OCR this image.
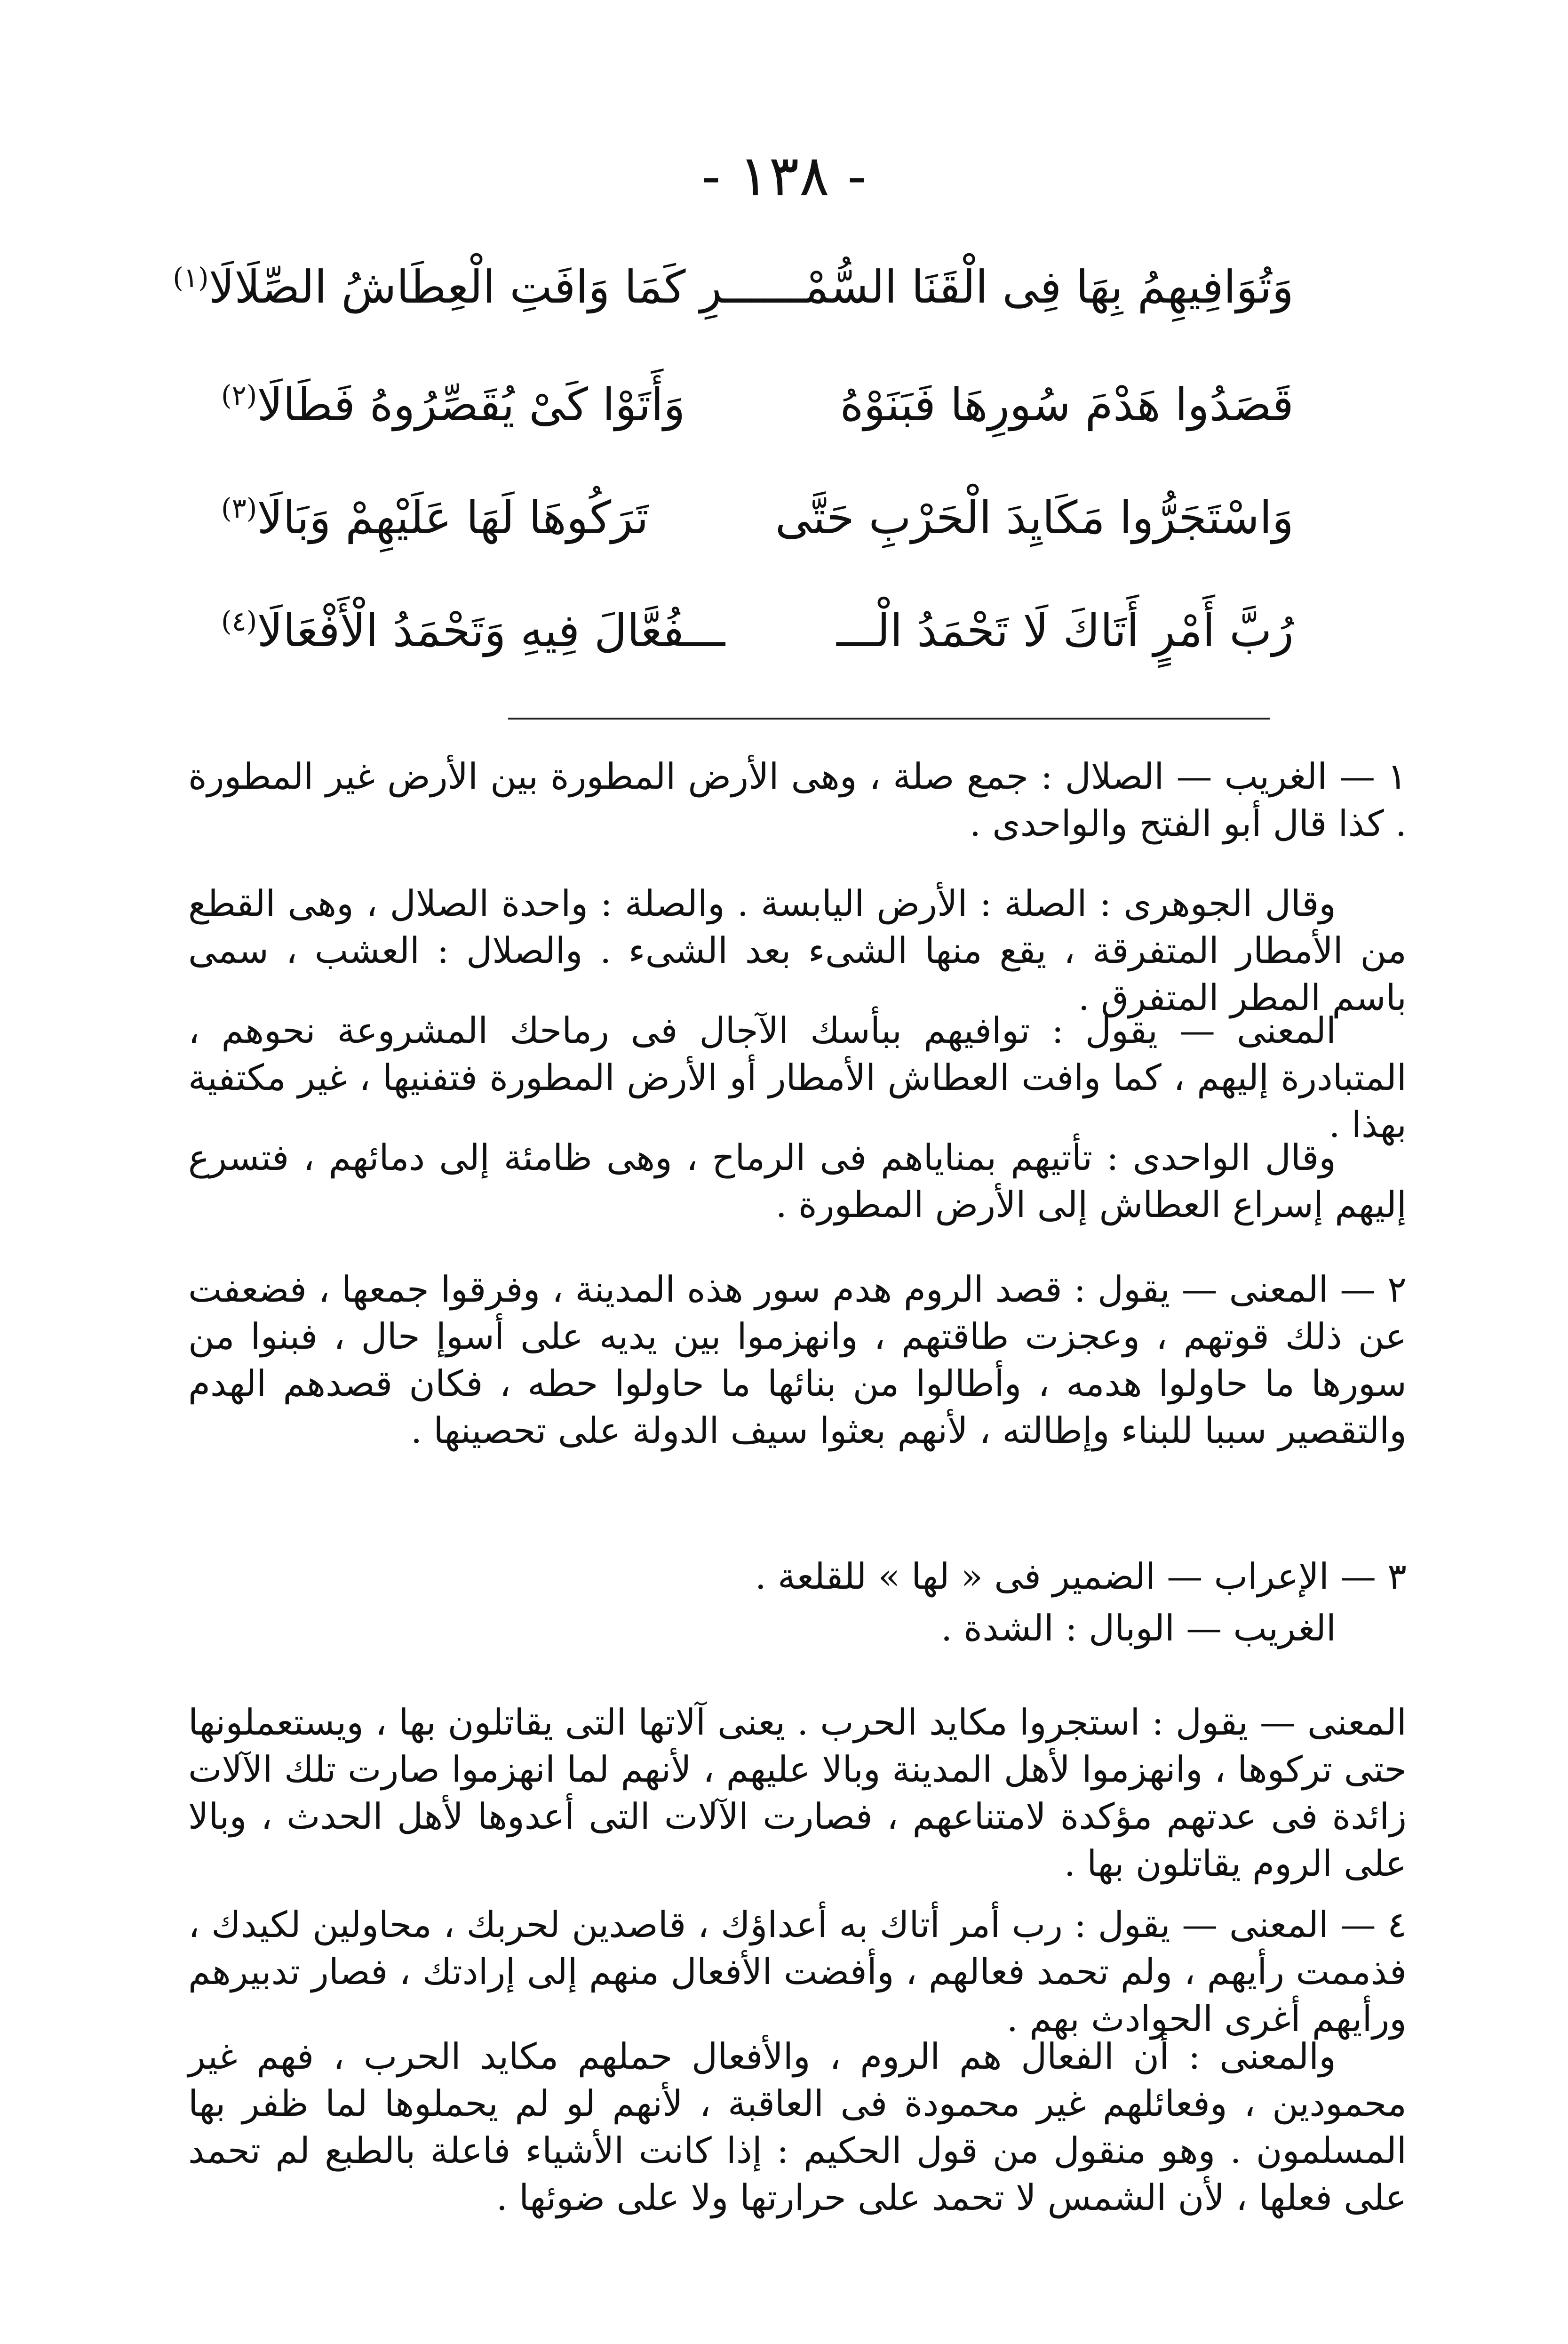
- ١٣٨ -
وَتُوَافِيهِمُ بِهَا فِى الْقَنَا السُّمْـــ
ـــرِ كَمَا وَافَتِ الْعِطَاشُ الصِّلَالَا$^{(١)}$
قَصَدُوا هَدْمَ سُورِهَا فَبَنَوْهُ
وَأَتَوْا كَىْ يُقَصِّرُوهُ فَطَالَا$^{(٢)}$
وَاسْتَجَرُّوا مَكَايِدَ الْحَرْبِ حَتَّى
تَرَكُوهَا لَهَا عَلَيْهِمْ وَبَالَا$^{(٣)}$
رُبَّ أَمْرٍ أَتَاكَ لَا تَحْمَدُ الْـــ
ـــفُعَّالَ فِيهِ وَتَحْمَدُ الْأَفْعَالَا$^{(٤)}$

١ — الغريب — الصلال : جمع صلة ، وهى الأرض المطورة بين الأرض غير المطورة . كذا قال أبو الفتح والواحدى .

وقال الجوهرى : الصلة : الأرض اليابسة . والصلة : واحدة الصلال ، وهى القطع من الأمطار المتفرقة ، يقع منها الشىء بعد الشىء . والصلال : العشب ، سمى باسم المطر المتفرق .

المعنى — يقول : توافيهم ببأسك الآجال فى رماحك المشروعة نحوهم ، المتبادرة إليهم ، كما وافت العطاش الأمطار أو الأرض المطورة فتفنيها ، غير مكتفية بهذا .

وقال الواحدى : تأتيهم بمناياهم فى الرماح ، وهى ظامئة إلى دمائهم ، فتسرع إليهم إسراع العطاش إلى الأرض المطورة .

٢ — المعنى — يقول : قصد الروم هدم سور هذه المدينة ، وفرقوا جمعها ، فضعفت عن ذلك قوتهم ، وعجزت طاقتهم ، وانهزموا بين يديه على أسوإ حال ، فبنوا من سورها ما حاولوا هدمه ، وأطالوا من بنائها ما حاولوا حطه ، فكان قصدهم الهدم والتقصير سببا للبناء وإطالته ، لأنهم بعثوا سيف الدولة على تحصينها .

٣ — الإعراب — الضمير فى « لها » للقلعة .

الغريب — الوبال : الشدة .

المعنى — يقول : استجروا مكايد الحرب . يعنى آلاتها التى يقاتلون بها ، ويستعملونها حتى تركوها ، وانهزموا لأهل المدينة وبالا عليهم ، لأنهم لما انهزموا صارت تلك الآلات زائدة فى عدتهم مؤكدة لامتناعهم ، فصارت الآلات التى أعدوها لأهل الحدث ، وبالا على الروم يقاتلون بها .

٤ — المعنى — يقول : رب أمر أتاك به أعداؤك ، قاصدين لحربك ، محاولين لكيدك ، فذممت رأيهم ، ولم تحمد فعالهم ، وأفضت الأفعال منهم إلى إرادتك ، فصار تدبيرهم ورأيهم أغرى الحوادث بهم .

والمعنى : أن الفعال هم الروم ، والأفعال حملهم مكايد الحرب ، فهم غير محمودين ، وفعائلهم غير محمودة فى العاقبة ، لأنهم لو لم يحملوها لما ظفر بها المسلمون . وهو منقول من قول الحكيم : إذا كانت الأشياء فاعلة بالطبع لم تحمد على فعلها ، لأن الشمس لا تحمد على حرارتها ولا على ضوئها .
